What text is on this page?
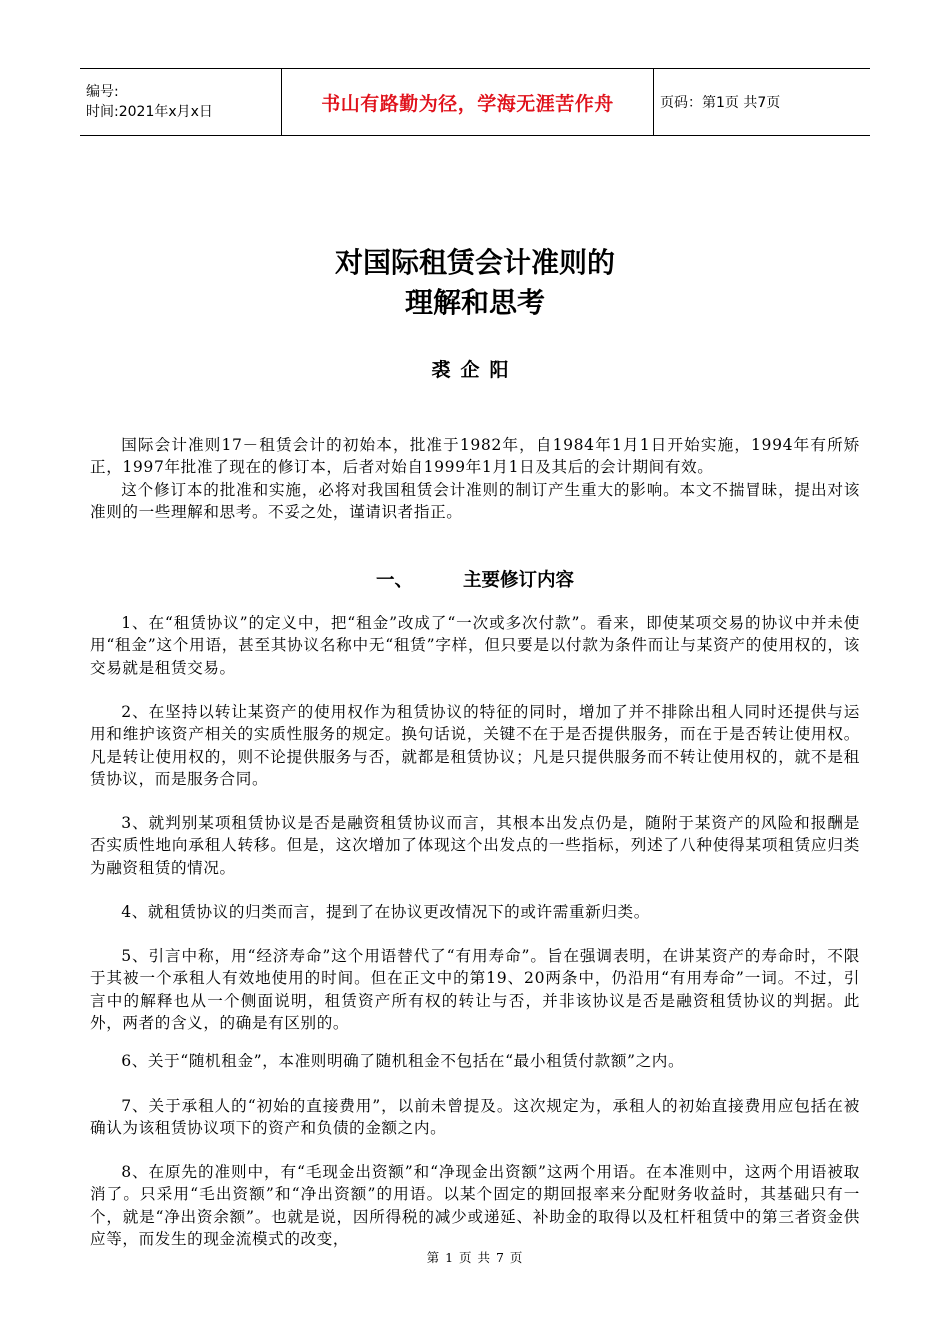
编号:
时间:2021年x月x日	书山有路勤为径，学海无涯苦作舟	页码：第1页 共7页
对国际租赁会计准则的
理解和思考
裘企阳

国际会计准则17－租赁会计的初始本，批准于1982年，自1984年1月1日开始实施，1994年有所矫正，1997年批准了现在的修订本，后者对始自1999年1月1日及其后的会计期间有效。

这个修订本的批准和实施，必将对我国租赁会计准则的制订产生重大的影响。本文不揣冒昧，提出对该准则的一些理解和思考。不妥之处，谨请识者指正。

一、	主要修订内容
1、在“租赁协议”的定义中，把“租金”改成了“一次或多次付款”。看来，即使某项交易的协议中并未使用“租金”这个用语，甚至其协议名称中无“租赁”字样，但只要是以付款为条件而让与某资产的使用权的，该交易就是租赁交易。
2、在坚持以转让某资产的使用权作为租赁协议的特征的同时，增加了并不排除出租人同时还提供与运用和维护该资产相关的实质性服务的规定。换句话说，关键不在于是否提供服务，而在于是否转让使用权。凡是转让使用权的，则不论提供服务与否，就都是租赁协议；凡是只提供服务而不转让使用权的，就不是租赁协议，而是服务合同。
3、就判别某项租赁协议是否是融资租赁协议而言，其根本出发点仍是，随附于某资产的风险和报酬是否实质性地向承租人转移。但是，这次增加了体现这个出发点的一些指标，列述了八种使得某项租赁应归类为融资租赁的情况。
4、就租赁协议的归类而言，提到了在协议更改情况下的或许需重新归类。
5、引言中称，用“经济寿命”这个用语替代了“有用寿命”。旨在强调表明，在讲某资产的寿命时，不限于其被一个承租人有效地使用的时间。但在正文中的第19、20两条中，仍沿用“有用寿命”一词。不过，引言中的解释也从一个侧面说明，租赁资产所有权的转让与否，并非该协议是否是融资租赁协议的判据。此外，两者的含义，的确是有区别的。
6、关于“随机租金”，本准则明确了随机租金不包括在“最小租赁付款额”之内。
7、关于承租人的“初始的直接费用”，以前未曾提及。这次规定为，承租人的初始直接费用应包括在被确认为该租赁协议项下的资产和负债的金额之内。
8、在原先的准则中，有“毛现金出资额”和“净现金出资额”这两个用语。在本准则中，这两个用语被取消了。只采用“毛出资额”和“净出资额”的用语。以某个固定的期回报率来分配财务收益时，其基础只有一个，就是“净出资余额”。也就是说，因所得税的减少或递延、补助金的取得以及杠杆租赁中的第三者资金供应等，而发生的现金流模式的改变，
第 1 页 共 7 页
